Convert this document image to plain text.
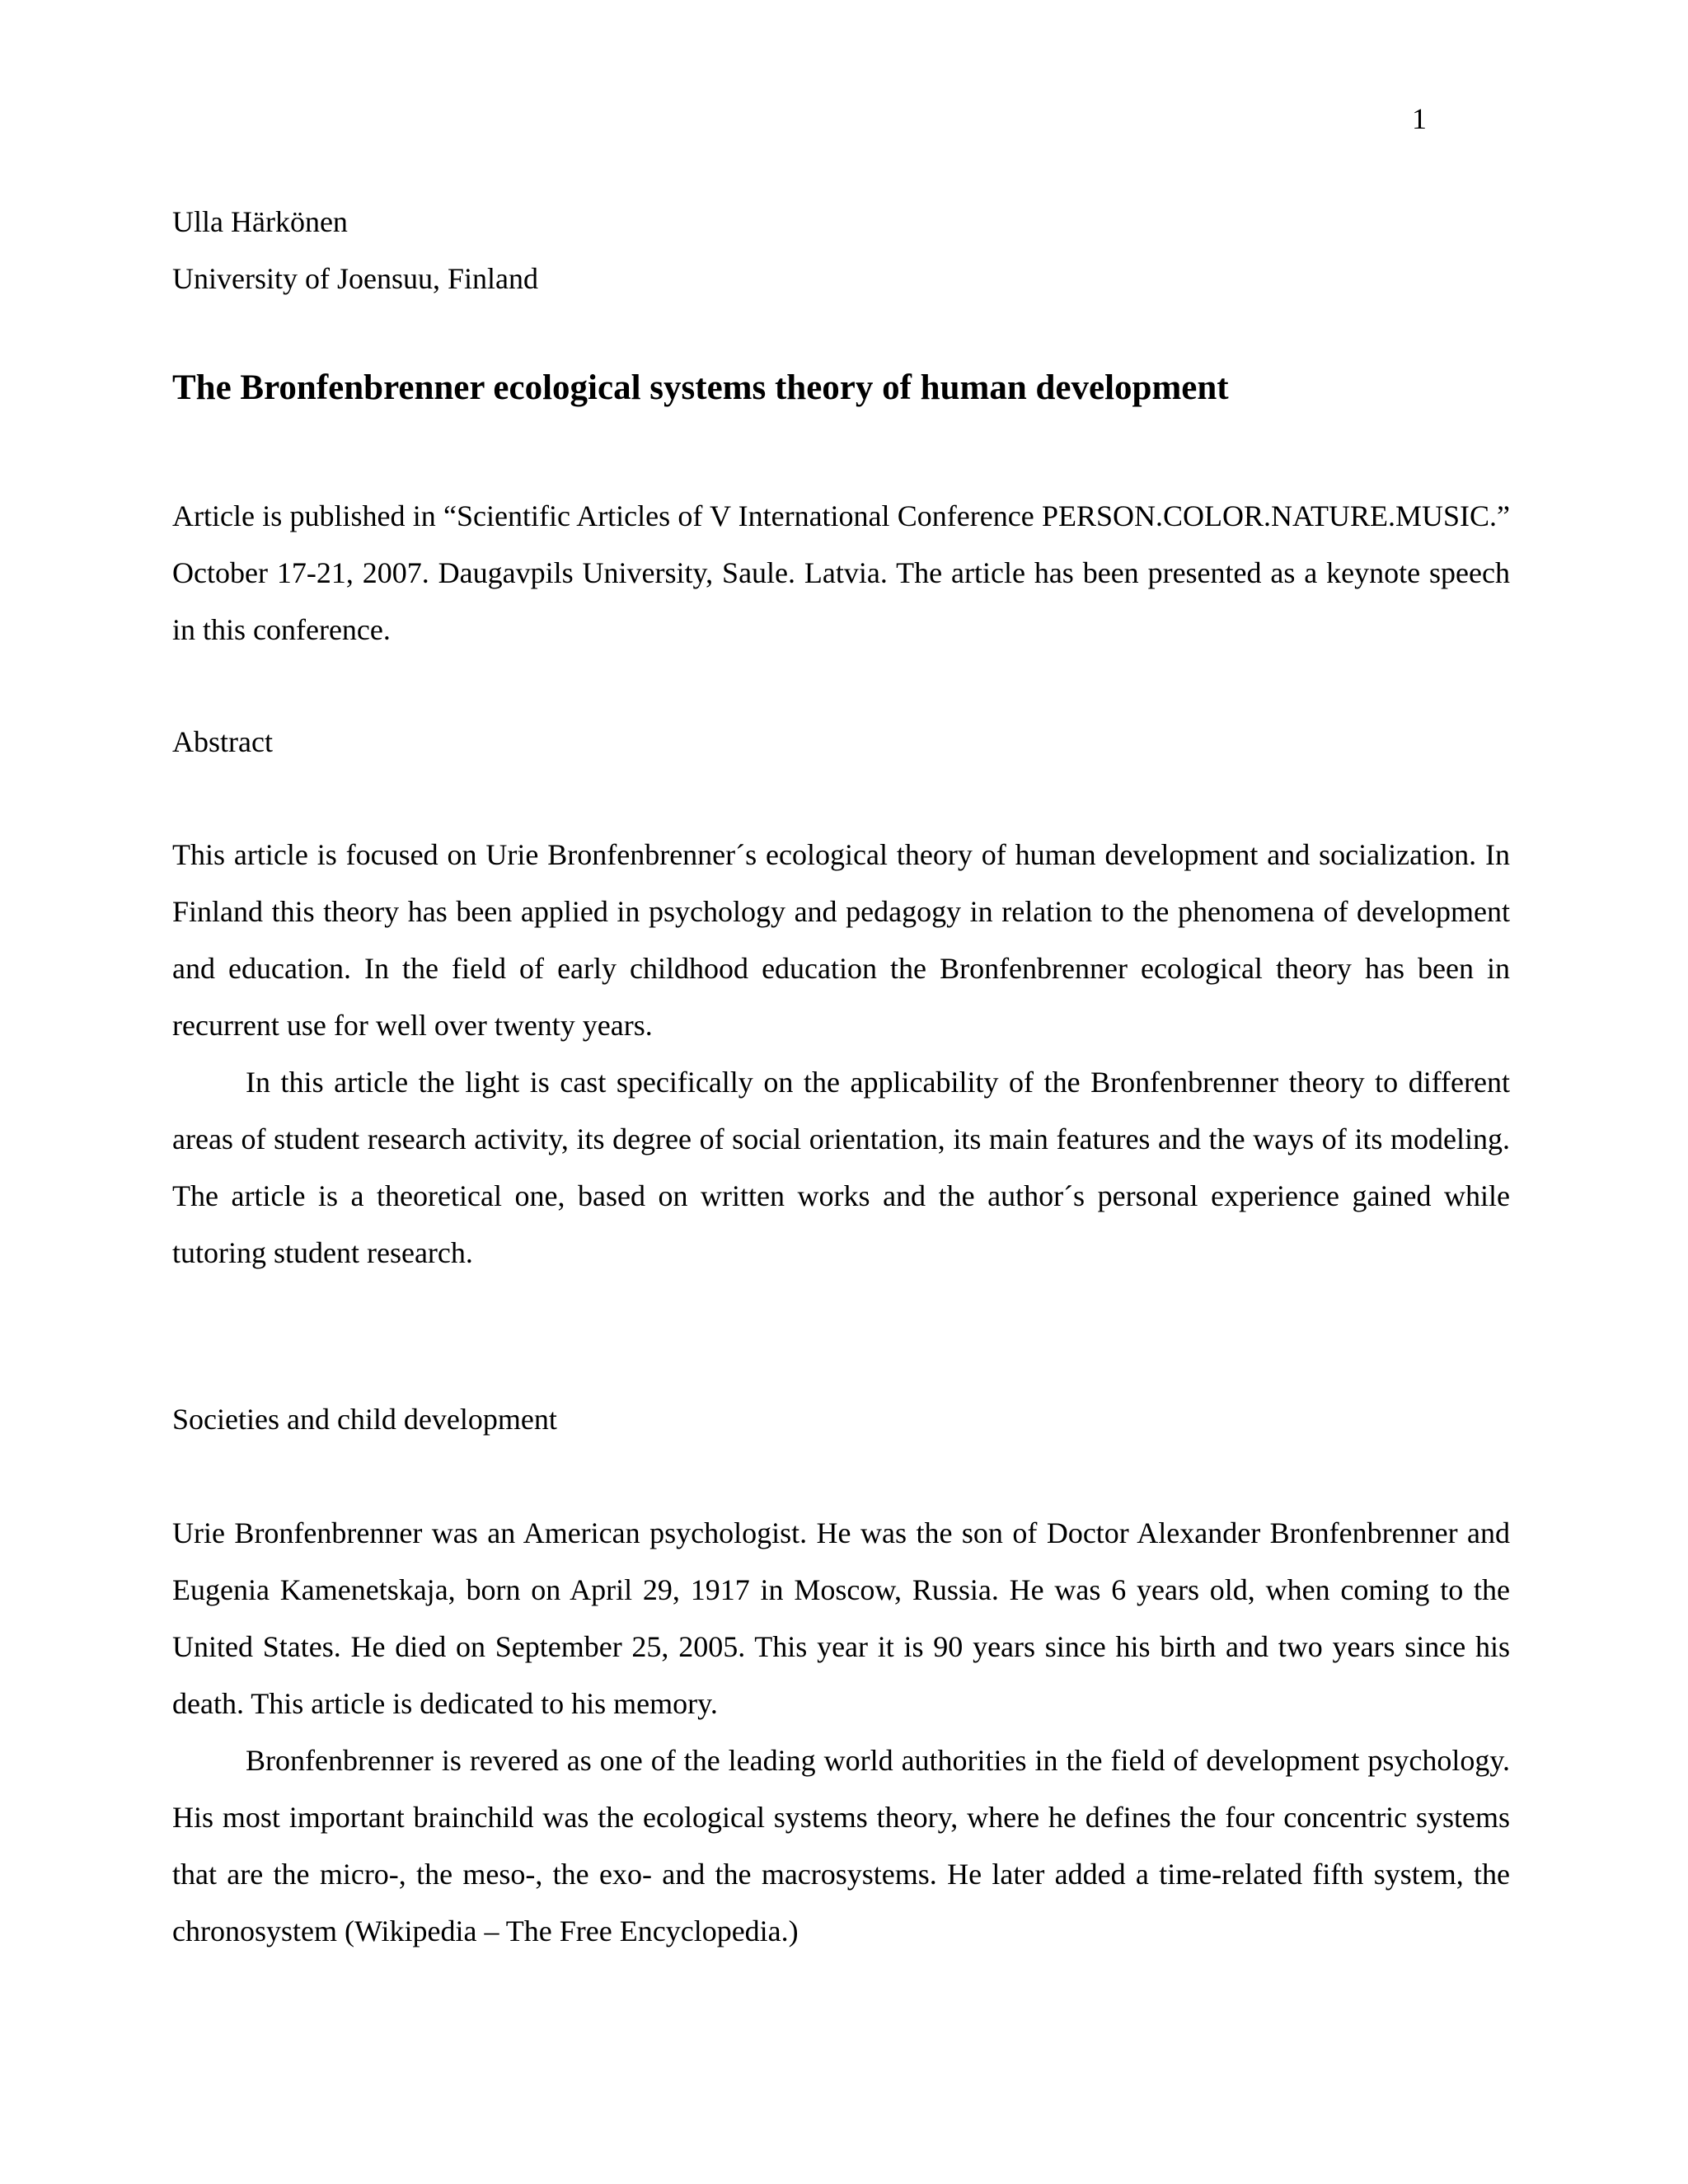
1

Ulla Härkönen

University of Joensuu, Finland

The Bronfenbrenner ecological systems theory of human development

Article is published in “Scientific Articles of V International Conference PERSON.COLOR.NATURE.MUSIC.” October 17-21, 2007. Daugavpils University, Saule. Latvia. The article has been presented as a keynote speech in this conference.

Abstract

This article is focused on Urie Bronfenbrenner´s ecological theory of human development and socialization. In Finland this theory has been applied in psychology and pedagogy in relation to the phenomena of development and education. In the field of early childhood education the Bronfenbrenner ecological theory has been in recurrent use for well over twenty years.

In this article the light is cast specifically on the applicability of the Bronfenbrenner theory to different areas of student research activity, its degree of social orientation, its main features and the ways of its modeling. The article is a theoretical one, based on written works and the author´s personal experience gained while tutoring student research.

Societies and child development

Urie Bronfenbrenner was an American psychologist. He was the son of Doctor Alexander Bronfenbrenner and Eugenia Kamenetskaja, born on April 29, 1917 in Moscow, Russia. He was 6 years old, when coming to the United States. He died on September 25, 2005. This year it is 90 years since his birth and two years since his death. This article is dedicated to his memory.

Bronfenbrenner is revered as one of the leading world authorities in the field of development psychology. His most important brainchild was the ecological systems theory, where he defines the four concentric systems that are the micro-, the meso-, the exo- and the macrosystems. He later added a time-related fifth system, the chronosystem (Wikipedia – The Free Encyclopedia.)
